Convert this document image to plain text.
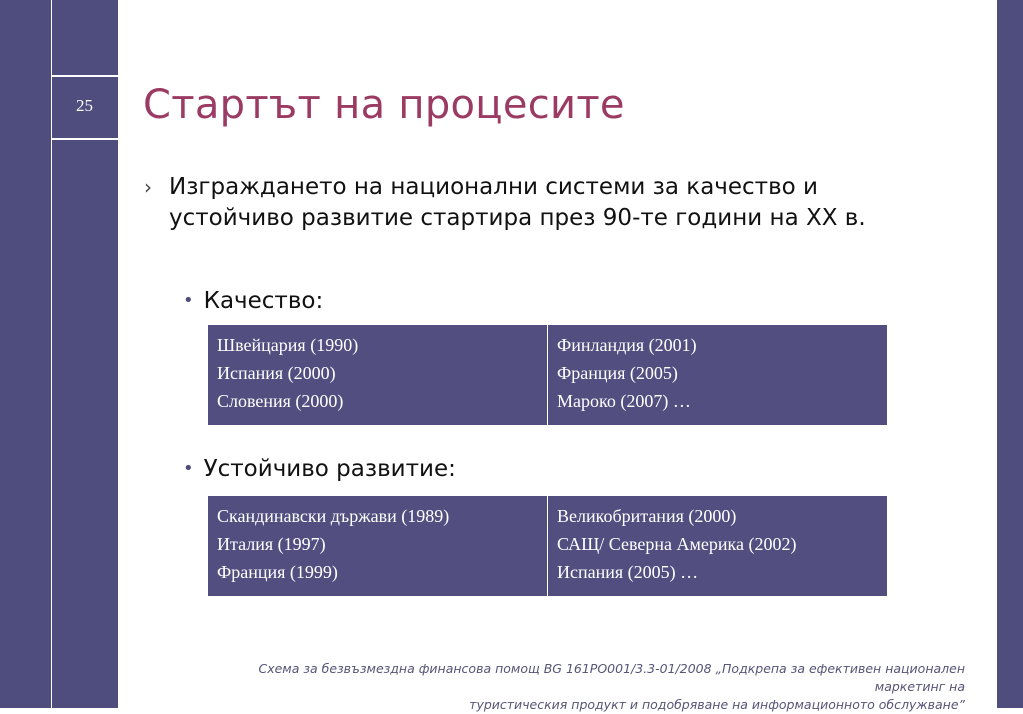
25	Стартът на процесите
› Изграждането на национални системи за качество и
устойчиво развитие стартира през 90-те години на ХХ в.
• Качество:
Швейцария (1990)
Испания (2000)
Словения (2000)

Финландия (2001)
Франция (2005)
Мароко (2007) …
• Устойчиво развитие:
Скандинавски държави (1989)
Италия (1997)
Франция (1999)

Великобритания (2000)
САЩ/ Северна Америка (2002)
Испания (2005) …
Схема за безвъзмездна финансова помощ BG 161PO001/3.3-01/2008 „Подкрепа за ефективен национален маркетинг на
туристическия продукт и подобряване на информационното обслужване”
